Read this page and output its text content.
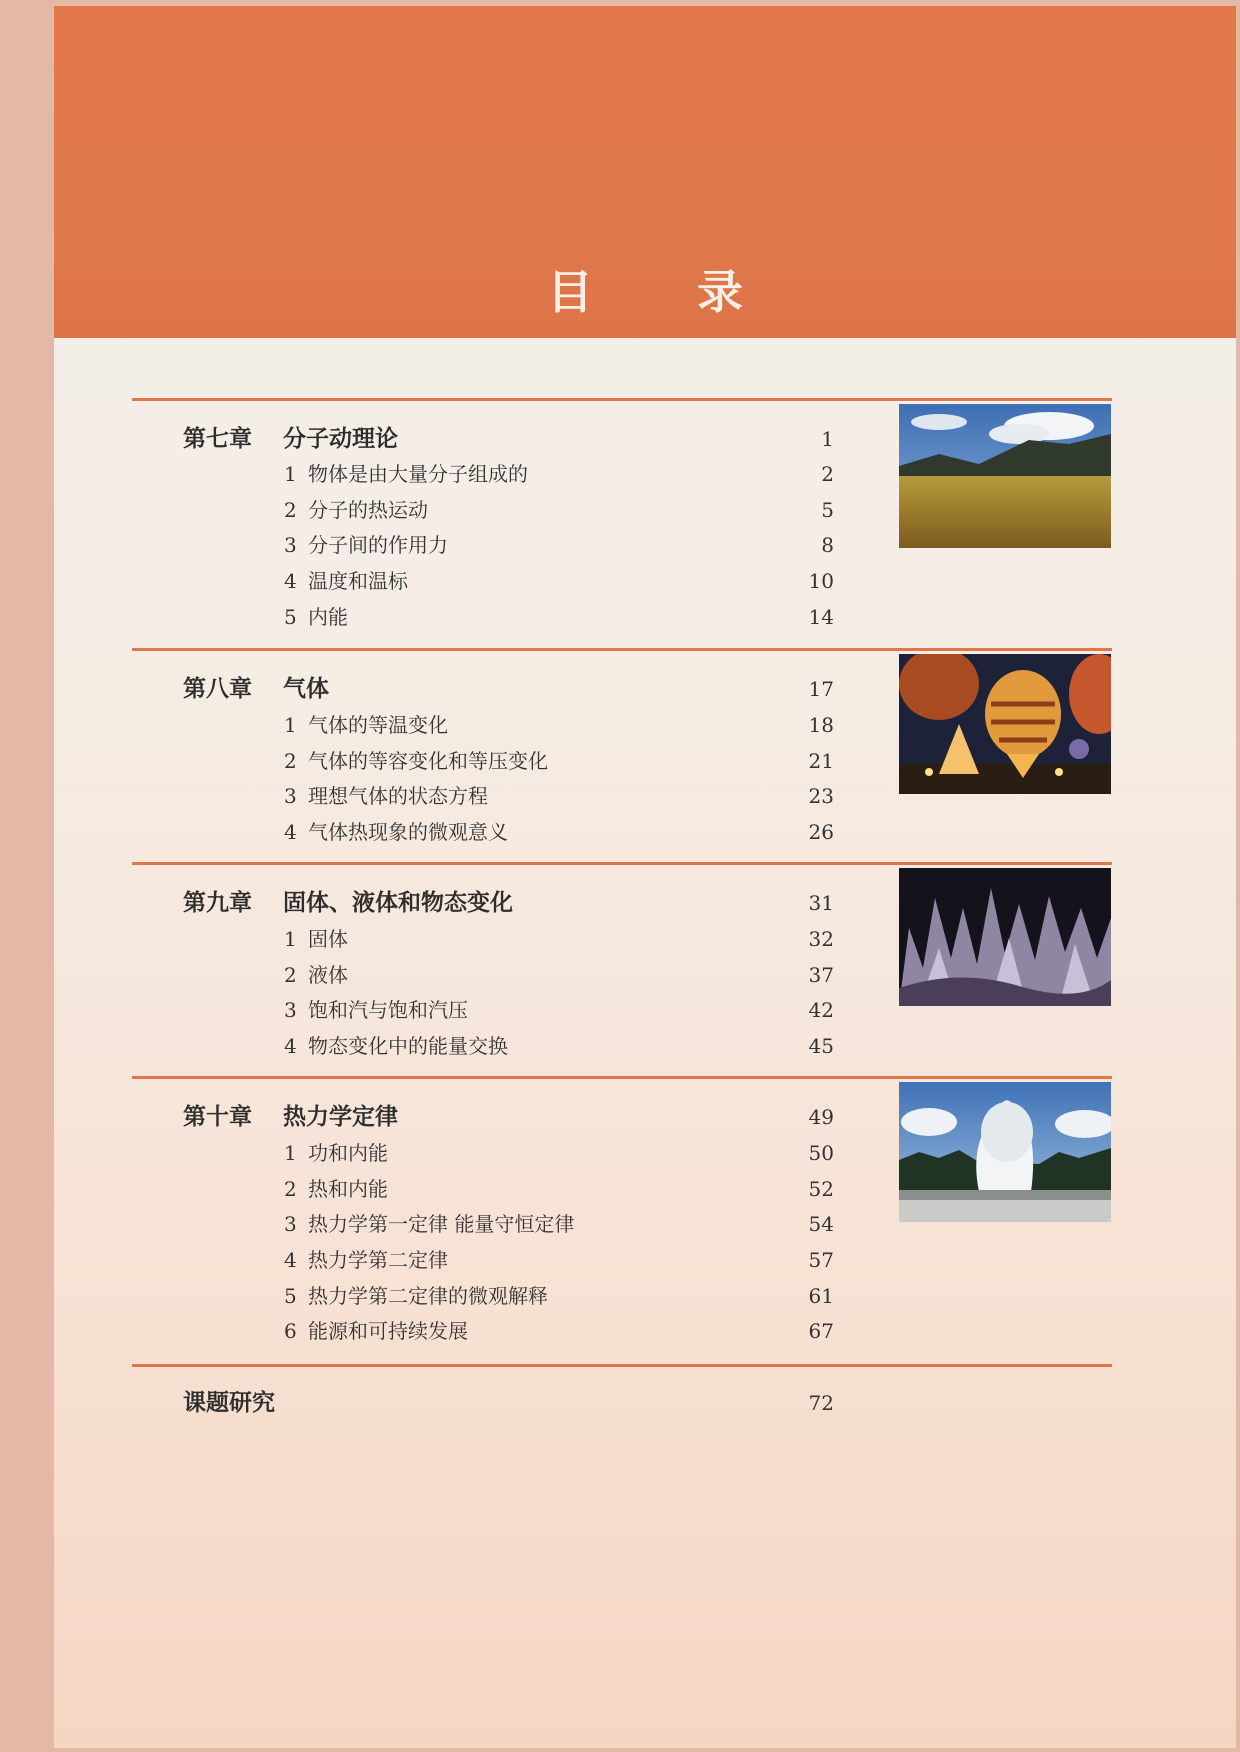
目 录
第七章 分子动理论	1
1 物体是由大量分子组成的	2
2 分子的热运动	5
3 分子间的作用力	8
4 温度和温标	10
5 内能	14
第八章 气体	17
1 气体的等温变化	18
2 气体的等容变化和等压变化	21
3 理想气体的状态方程	23
4 气体热现象的微观意义	26
第九章 固体、液体和物态变化	31
1 固体	32
2 液体	37
3 饱和汽与饱和汽压	42
4 物态变化中的能量交换	45
第十章 热力学定律	49
1 功和内能	50
2 热和内能	52
3 热力学第一定律 能量守恒定律	54
4 热力学第二定律	57
5 热力学第二定律的微观解释	61
6 能源和可持续发展	67
课题研究	72
